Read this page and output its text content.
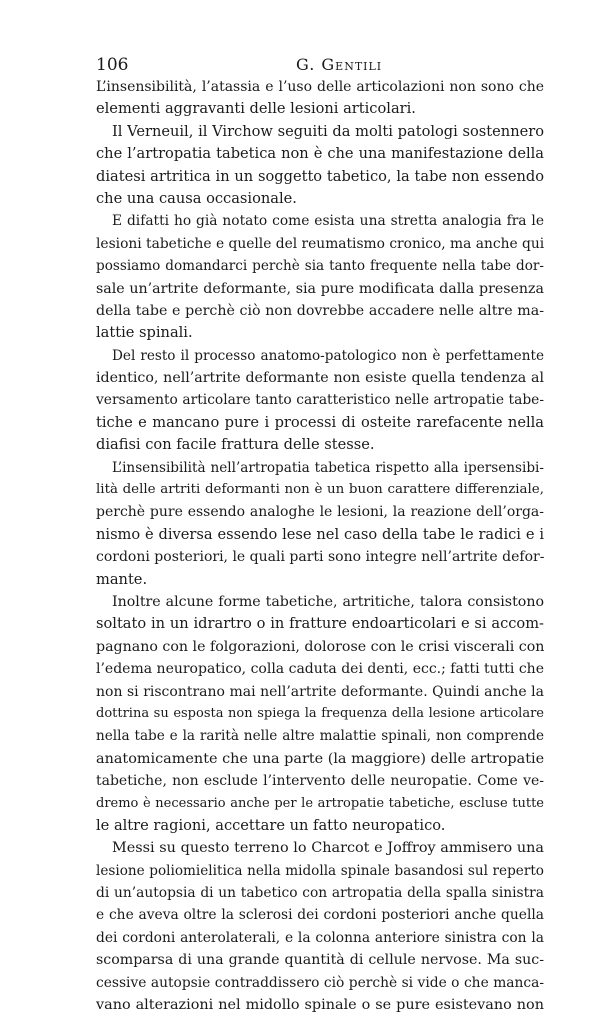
106	G. Gentili
L’insensibilità, l’atassia e l’uso delle articolazioni non sono che
elementi aggravanti delle lesioni articolari.
Il Verneuil, il Virchow seguiti da molti patologi sostennero
che l’artropatia tabetica non è che una manifestazione della
diatesi artritica in un soggetto tabetico, la tabe non essendo
che una causa occasionale.
E difatti ho già notato come esista una stretta analogia fra le
lesioni tabetiche e quelle del reumatismo cronico, ma anche qui
possiamo domandarci perchè sia tanto frequente nella tabe dor-
sale un’artrite deformante, sia pure modificata dalla presenza
della tabe e perchè ciò non dovrebbe accadere nelle altre ma-
lattie spinali.
Del resto il processo anatomo-patologico non è perfettamente
identico, nell’artrite deformante non esiste quella tendenza al
versamento articolare tanto caratteristico nelle artropatie tabe-
tiche e mancano pure i processi di osteite rarefacente nella
diafisi con facile frattura delle stesse.
L’insensibilità nell’artropatia tabetica rispetto alla ipersensibi-
lità delle artriti deformanti non è un buon carattere differenziale,
perchè pure essendo analoghe le lesioni, la reazione dell’orga-
nismo è diversa essendo lese nel caso della tabe le radici e i
cordoni posteriori, le quali parti sono integre nell’artrite defor-
mante.
Inoltre alcune forme tabetiche, artritiche, talora consistono
soltato in un idrartro o in fratture endoarticolari e si accom-
pagnano con le folgorazioni, dolorose con le crisi viscerali con
l’edema neuropatico, colla caduta dei denti, ecc.; fatti tutti che
non si riscontrano mai nell’artrite deformante. Quindi anche la
dottrina su esposta non spiega la frequenza della lesione articolare
nella tabe e la rarità nelle altre malattie spinali, non comprende
anatomicamente che una parte (la maggiore) delle artropatie
tabetiche, non esclude l’intervento delle neuropatie. Come ve-
dremo è necessario anche per le artropatie tabetiche, escluse tutte
le altre ragioni, accettare un fatto neuropatico.
Messi su questo terreno lo Charcot e Joffroy ammisero una
lesione poliomielitica nella midolla spinale basandosi sul reperto
di un’autopsia di un tabetico con artropatia della spalla sinistra
e che aveva oltre la sclerosi dei cordoni posteriori anche quella
dei cordoni anterolaterali, e la colonna anteriore sinistra con la
scomparsa di una grande quantità di cellule nervose. Ma suc-
cessive autopsie contraddissero ciò perchè si vide o che manca-
vano alterazioni nel midollo spinale o se pure esistevano non
